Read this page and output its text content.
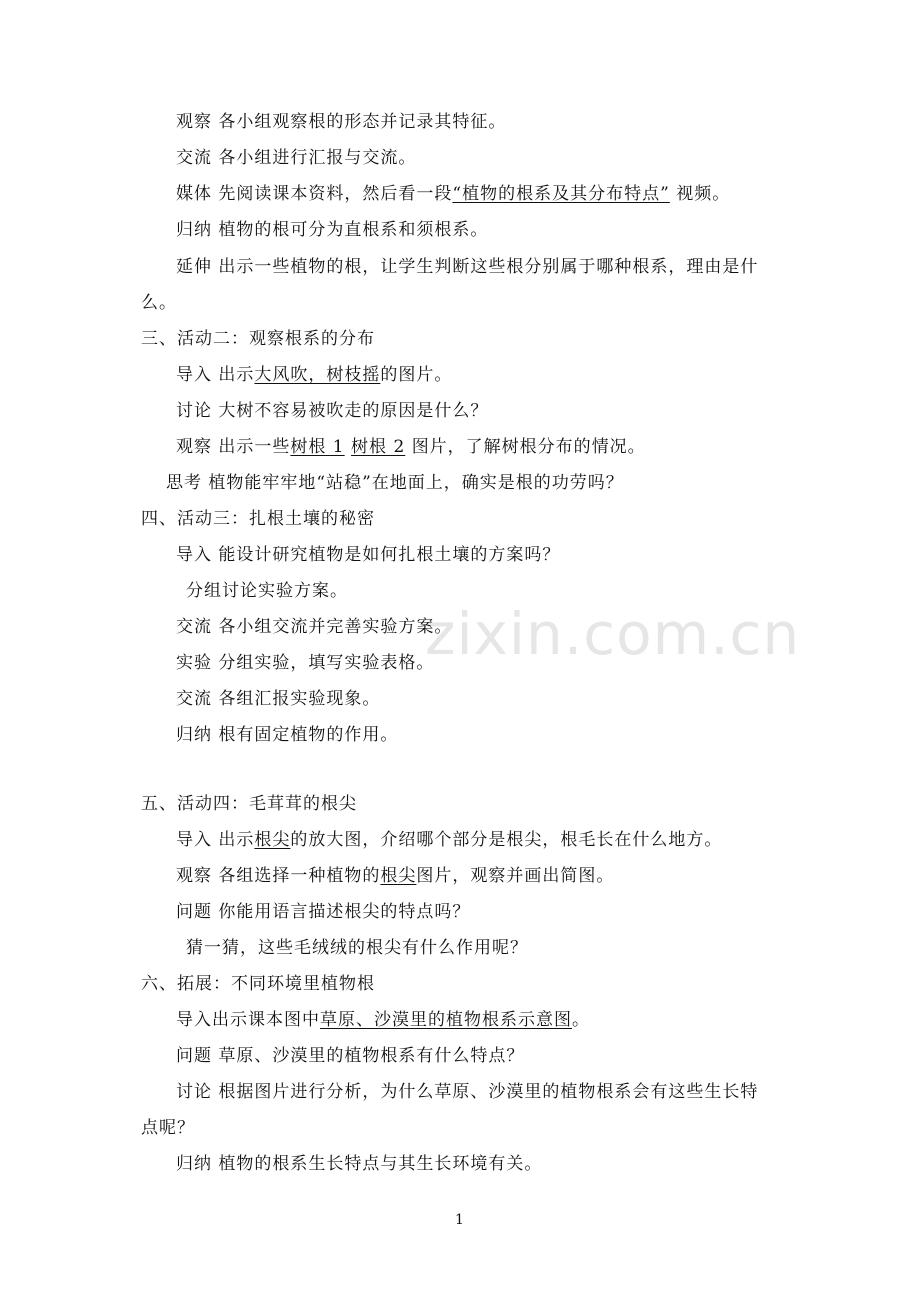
zixin.com.cn
观察 各小组观察根的形态并记录其特征。
交流 各小组进行汇报与交流。
媒体 先阅读课本资料，然后看一段“植物的根系及其分布特点” 视频。
归纳 植物的根可分为直根系和须根系。
延伸 出示一些植物的根，让学生判断这些根分别属于哪种根系，理由是什
么。
三、活动二：观察根系的分布
导入 出示大风吹，树枝摇的图片。
讨论 大树不容易被吹走的原因是什么？
观察 出示一些树根 1 树根 2 图片，了解树根分布的情况。
思考 植物能牢牢地“站稳”在地面上，确实是根的功劳吗？
四、活动三：扎根土壤的秘密
导入 能设计研究植物是如何扎根土壤的方案吗？
分组讨论实验方案。
交流 各小组交流并完善实验方案。
实验 分组实验，填写实验表格。
交流 各组汇报实验现象。
归纳 根有固定植物的作用。
五、活动四：毛茸茸的根尖
导入 出示根尖的放大图，介绍哪个部分是根尖，根毛长在什么地方。
观察 各组选择一种植物的根尖图片，观察并画出简图。
问题 你能用语言描述根尖的特点吗？
猜一猜，这些毛绒绒的根尖有什么作用呢？
六、拓展：不同环境里植物根
导入出示课本图中草原、沙漠里的植物根系示意图。
问题 草原、沙漠里的植物根系有什么特点？
讨论 根据图片进行分析，为什么草原、沙漠里的植物根系会有这些生长特
点呢？
归纳 植物的根系生长特点与其生长环境有关。
1
